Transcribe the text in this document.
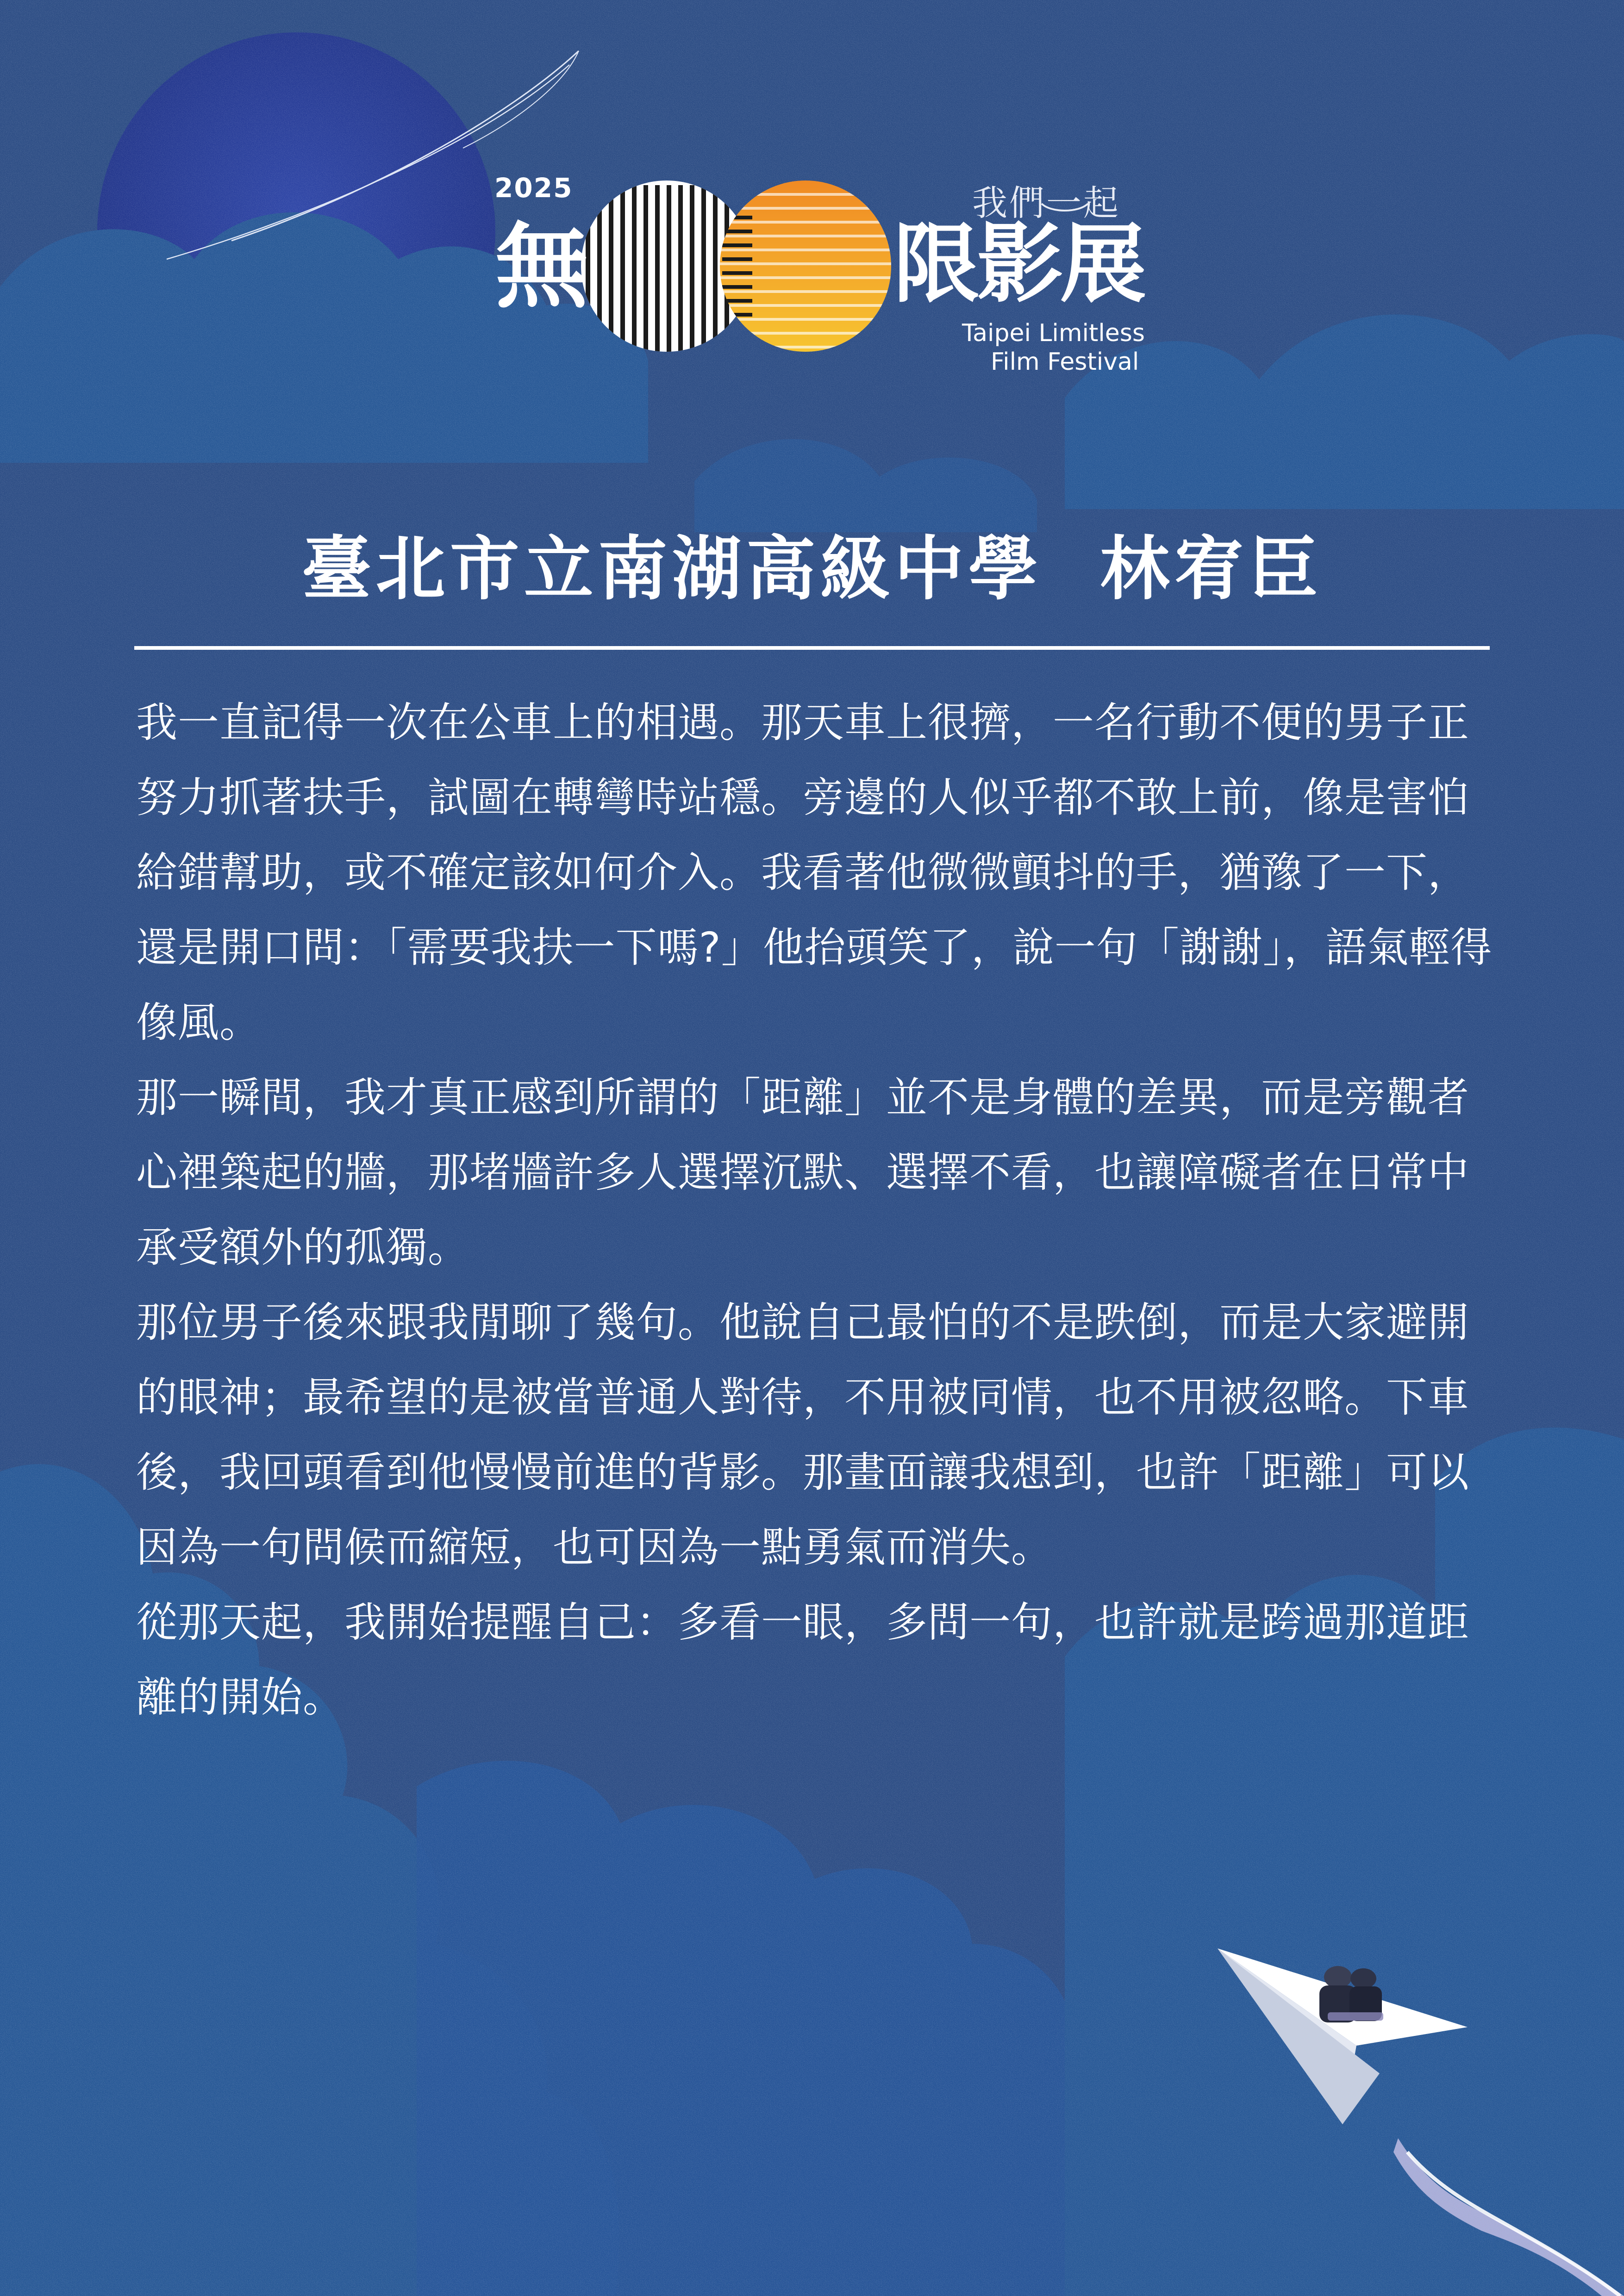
2025
無	限影展
我們一起
Taipei Limitless
Film Festival
臺北市立南湖高級中學  林宥臣

我一直記得一次在公車上的相遇。那天車上很擠，一名行動不便的男子正努力抓著扶手，試圖在轉彎時站穩。旁邊的人似乎都不敢上前，像是害怕給錯幫助，或不確定該如何介入。我看著他微微顫抖的手，猶豫了一下，還是開口問：「需要我扶一下嗎?」他抬頭笑了，說一句「謝謝」，語氣輕得像風。

那一瞬間，我才真正感到所謂的「距離」並不是身體的差異，而是旁觀者心裡築起的牆，那堵牆許多人選擇沉默、選擇不看，也讓障礙者在日常中承受額外的孤獨。

那位男子後來跟我閒聊了幾句。他說自己最怕的不是跌倒，而是大家避開的眼神；最希望的是被當普通人對待，不用被同情，也不用被忽略。下車後，我回頭看到他慢慢前進的背影。那畫面讓我想到，也許「距離」可以因為一句問候而縮短，也可因為一點勇氣而消失。

從那天起，我開始提醒自己：多看一眼，多問一句，也許就是跨過那道距離的開始。
